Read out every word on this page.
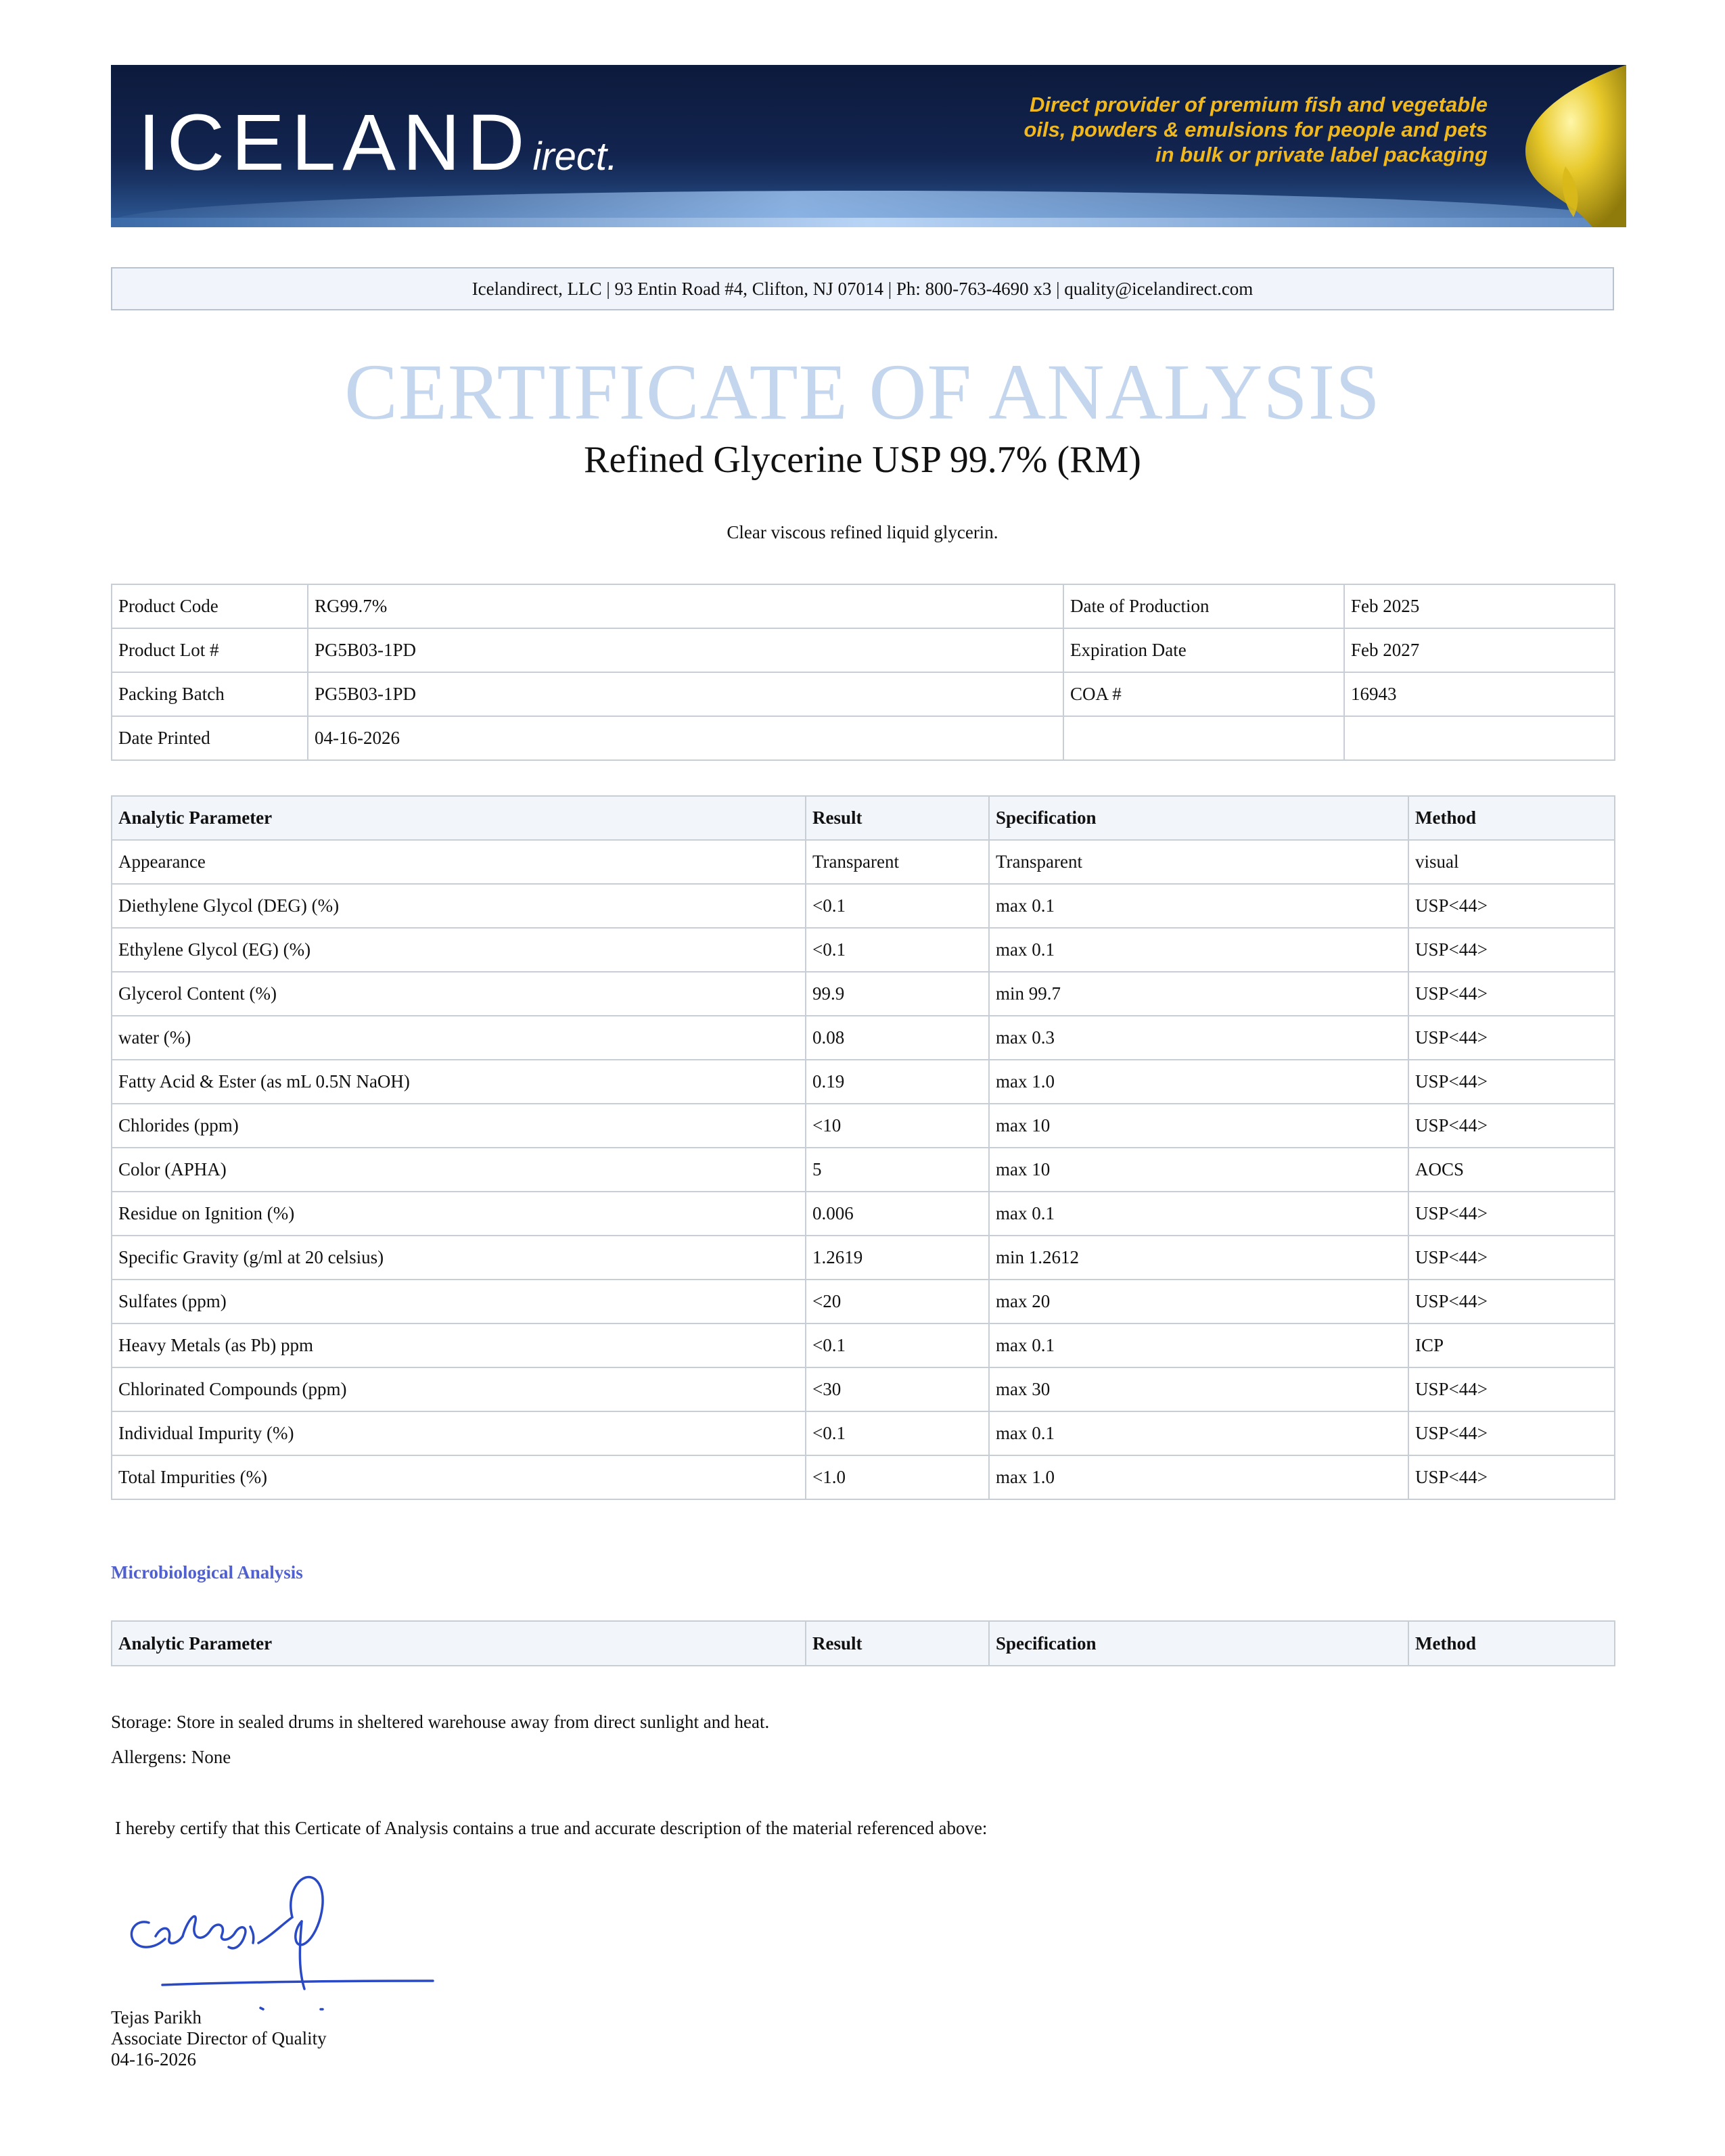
ICELAND irect.
Direct provider of premium fish and vegetable
oils, powders & emulsions for people and pets
in bulk or private label packaging
Icelandirect, LLC | 93 Entin Road #4, Clifton, NJ 07014 | Ph: 800-763-4690 x3 | quality@icelandirect.com
CERTIFICATE OF ANALYSIS
Refined Glycerine USP 99.7% (RM)
Clear viscous refined liquid glycerin.
Product Code	RG99.7%	Date of Production	Feb 2025
Product Lot #	PG5B03-1PD	Expiration Date	Feb 2027
Packing Batch	PG5B03-1PD	COA #	16943
Date Printed	04-16-2026		
Analytic Parameter	Result	Specification	Method
Appearance	Transparent	Transparent	visual
Diethylene Glycol (DEG) (%)	<0.1	max 0.1	USP<44>
Ethylene Glycol (EG) (%)	<0.1	max 0.1	USP<44>
Glycerol Content (%)	99.9	min 99.7	USP<44>
water (%)	0.08	max 0.3	USP<44>
Fatty Acid & Ester (as mL 0.5N NaOH)	0.19	max 1.0	USP<44>
Chlorides (ppm)	<10	max 10	USP<44>
Color (APHA)	5	max 10	AOCS
Residue on Ignition (%)	0.006	max 0.1	USP<44>
Specific Gravity (g/ml at 20 celsius)	1.2619	min 1.2612	USP<44>
Sulfates (ppm)	<20	max 20	USP<44>
Heavy Metals (as Pb) ppm	<0.1	max 0.1	ICP
Chlorinated Compounds (ppm)	<30	max 30	USP<44>
Individual Impurity (%)	<0.1	max 0.1	USP<44>
Total Impurities (%)	<1.0	max 1.0	USP<44>
Microbiological Analysis
Analytic Parameter	Result	Specification	Method
Storage: Store in sealed drums in sheltered warehouse away from direct sunlight and heat.
Allergens: None
I hereby certify that this Certicate of Analysis contains a true and accurate description of the material referenced above:
Tejas Parikh
Associate Director of Quality
04-16-2026
